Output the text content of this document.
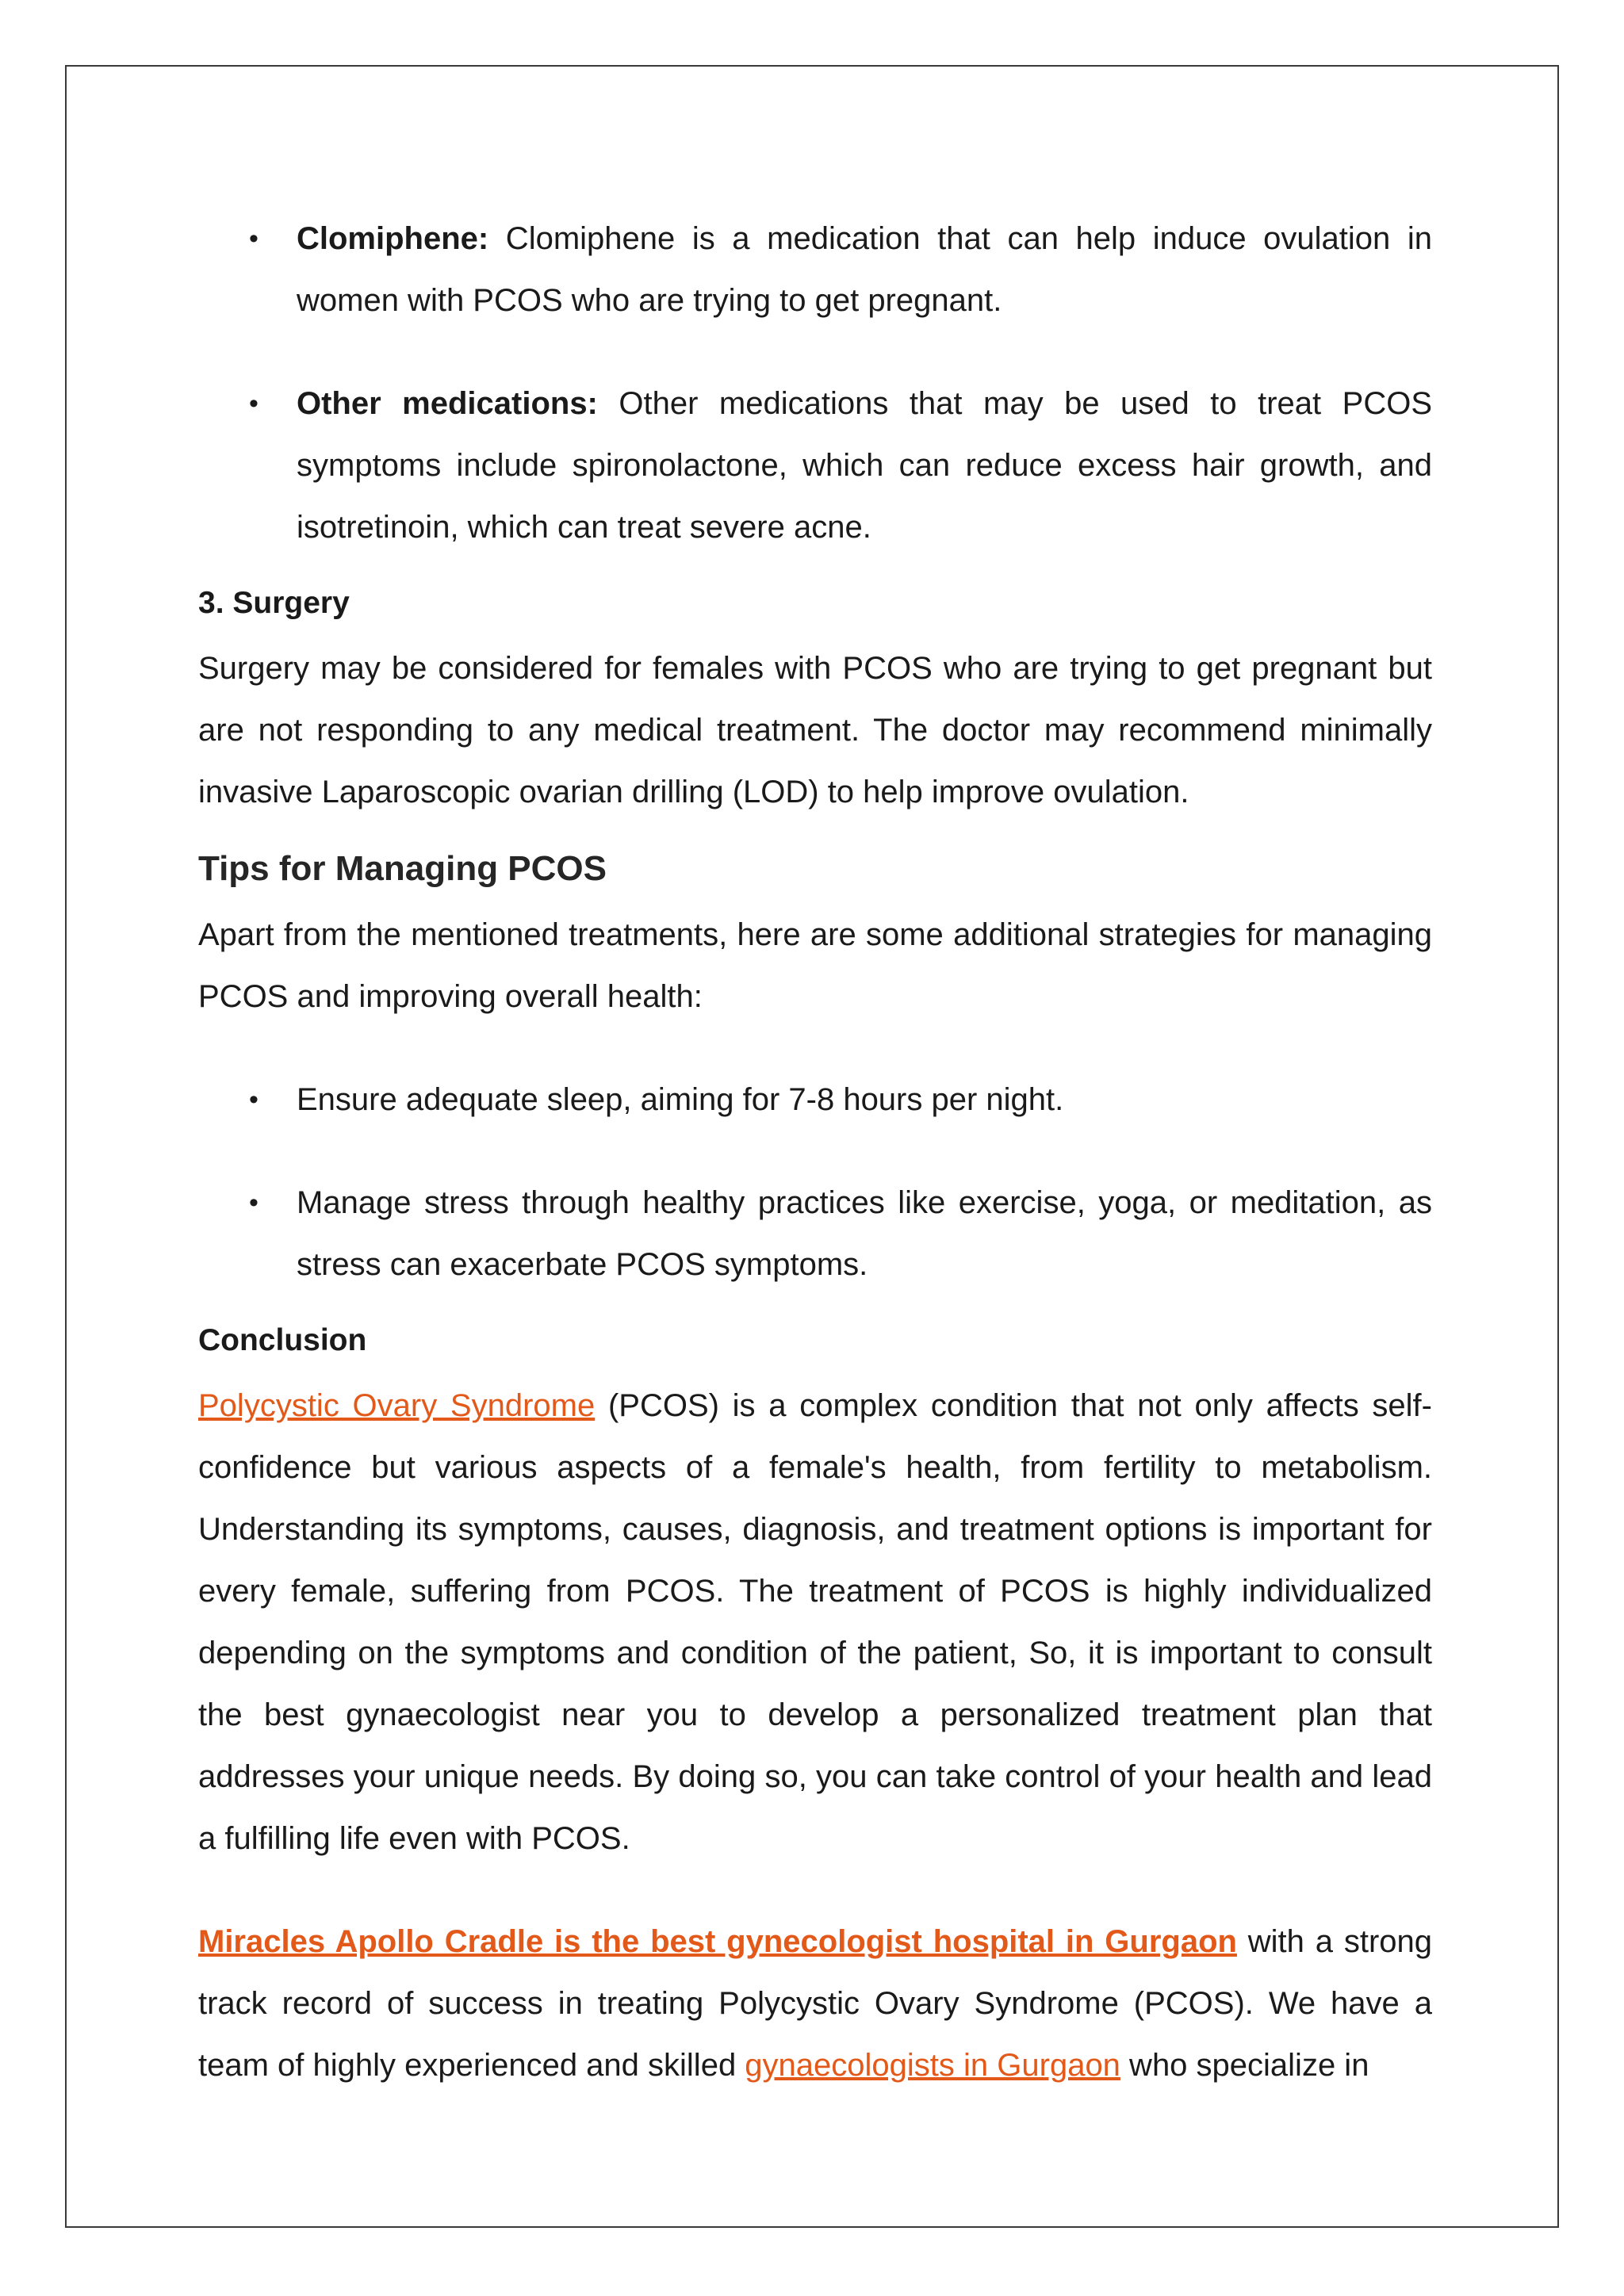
• Clomiphene: Clomiphene is a medication that can help induce ovulation in women with PCOS who are trying to get pregnant.
• Other medications: Other medications that may be used to treat PCOS symptoms include spironolactone, which can reduce excess hair growth, and isotretinoin, which can treat severe acne.
3. Surgery

Surgery may be considered for females with PCOS who are trying to get pregnant but are not responding to any medical treatment. The doctor may recommend minimally invasive Laparoscopic ovarian drilling (LOD) to help improve ovulation.

Tips for Managing PCOS

Apart from the mentioned treatments, here are some additional strategies for managing PCOS and improving overall health:

• Ensure adequate sleep, aiming for 7-8 hours per night.
• Manage stress through healthy practices like exercise, yoga, or meditation, as stress can exacerbate PCOS symptoms.
Conclusion

Polycystic Ovary Syndrome (PCOS) is a complex condition that not only affects self-confidence but various aspects of a female's health, from fertility to metabolism. Understanding its symptoms, causes, diagnosis, and treatment options is important for every female, suffering from PCOS. The treatment of PCOS is highly individualized depending on the symptoms and condition of the patient, So, it is important to consult the best gynaecologist near you to develop a personalized treatment plan that addresses your unique needs. By doing so, you can take control of your health and lead a fulfilling life even with PCOS.

Miracles Apollo Cradle is the best gynecologist hospital in Gurgaon with a strong track record of success in treating Polycystic Ovary Syndrome (PCOS). We have a team of highly experienced and skilled gynaecologists in Gurgaon who specialize in
